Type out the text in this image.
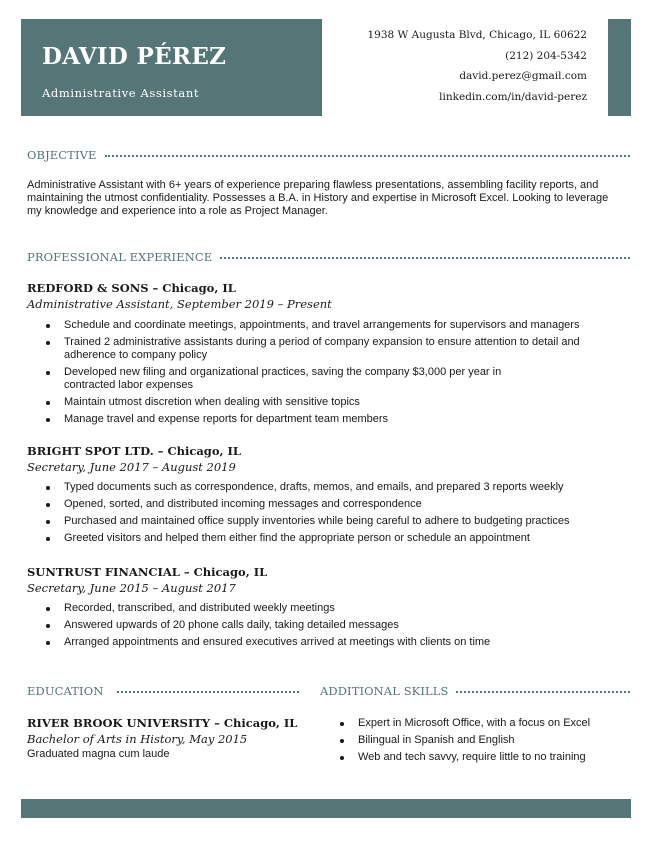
DAVID PÉREZ
Administrative Assistant
1938 W Augusta Blvd, Chicago, IL 60622
(212) 204-5342
david.perez@gmail.com
linkedin.com/in/david-perez
OBJECTIVE
Administrative Assistant with 6+ years of experience preparing flawless presentations, assembling facility reports, and maintaining the utmost confidentiality. Possesses a B.A. in History and expertise in Microsoft Excel. Looking to leverage my knowledge and experience into a role as Project Manager.
PROFESSIONAL EXPERIENCE
REDFORD & SONS – Chicago, IL
Administrative Assistant, September 2019 – Present
Schedule and coordinate meetings, appointments, and travel arrangements for supervisors and managers
Trained 2 administrative assistants during a period of company expansion to ensure attention to detail and adherence to company policy
Developed new filing and organizational practices, saving the company $3,000 per year in contracted labor expenses
Maintain utmost discretion when dealing with sensitive topics
Manage travel and expense reports for department team members
BRIGHT SPOT LTD. – Chicago, IL
Secretary, June 2017 – August 2019
Typed documents such as correspondence, drafts, memos, and emails, and prepared 3 reports weekly
Opened, sorted, and distributed incoming messages and correspondence
Purchased and maintained office supply inventories while being careful to adhere to budgeting practices
Greeted visitors and helped them either find the appropriate person or schedule an appointment
SUNTRUST FINANCIAL – Chicago, IL
Secretary, June 2015 – August 2017
Recorded, transcribed, and distributed weekly meetings
Answered upwards of 20 phone calls daily, taking detailed messages
Arranged appointments and ensured executives arrived at meetings with clients on time
EDUCATION
RIVER BROOK UNIVERSITY – Chicago, IL
Bachelor of Arts in History, May 2015
Graduated magna cum laude
ADDITIONAL SKILLS
Expert in Microsoft Office, with a focus on Excel
Bilingual in Spanish and English
Web and tech savvy, require little to no training
